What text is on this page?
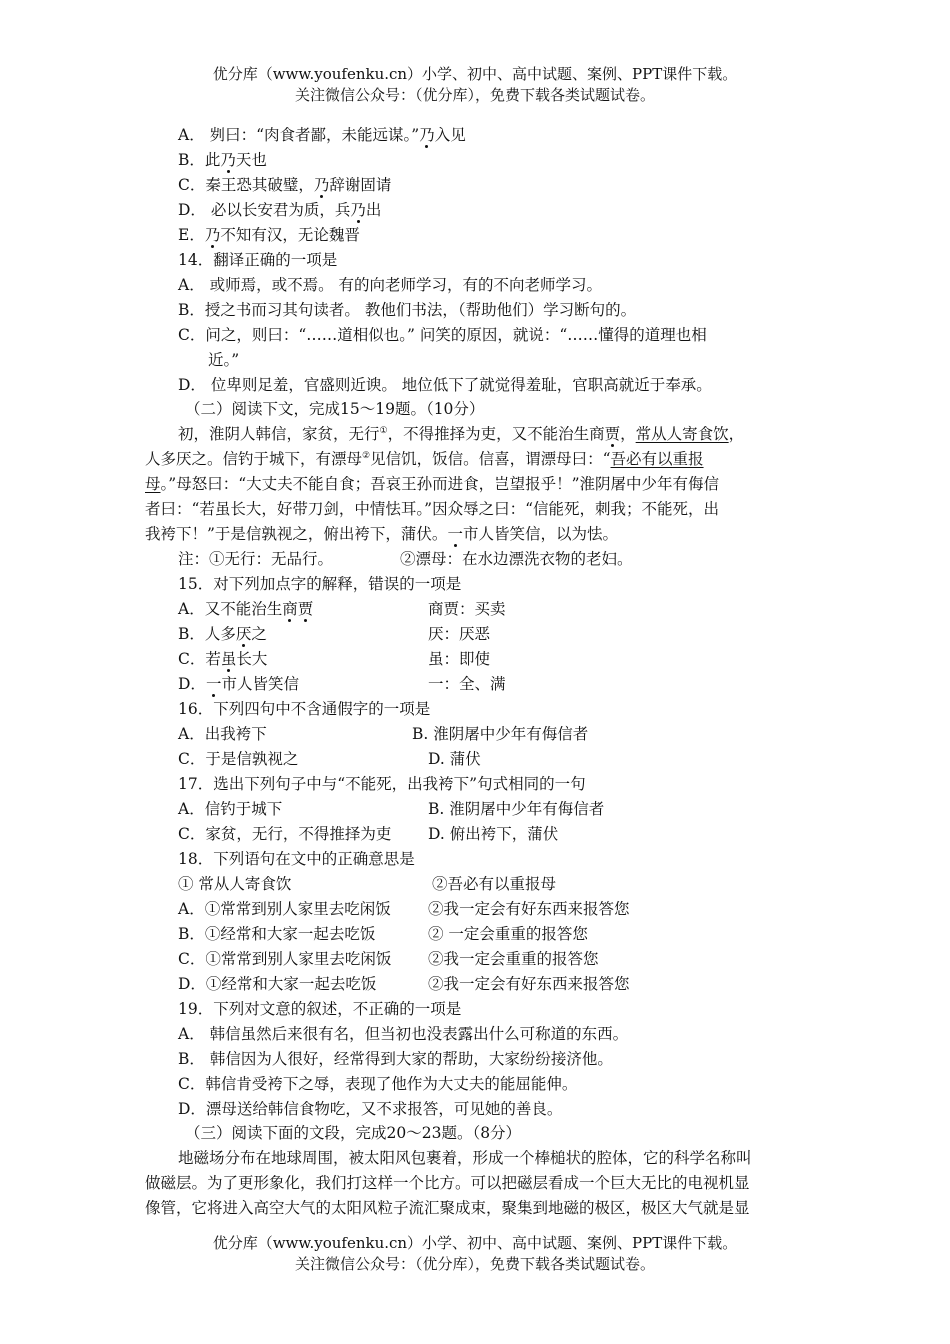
优分库（www.youfenku.cn）小学、初中、高中试题、案例、PPT课件下载。
关注微信公众号：（优分库），免费下载各类试题试卷。
A． 刿曰：“肉食者鄙，未能远谋。”乃入见
B．此乃天也
C．秦王恐其破璧，乃辞谢固请
D． 必以长安君为质，兵乃出
E．乃不知有汉，无论魏晋
14．翻译正确的一项是
A． 或师焉，或不焉。 有的向老师学习，有的不向老师学习。
B．授之书而习其句读者。 教他们书法，（帮助他们）学习断句的。
C．问之，则曰：“……道相似也。” 问笑的原因，就说：“……懂得的道理也相
近。”
D． 位卑则足羞，官盛则近谀。 地位低下了就觉得羞耻，官职高就近于奉承。
（二）阅读下文，完成15～19题。（10分）
初，淮阴人韩信，家贫，无行①，不得推择为吏，又不能治生商贾，常从人寄食饮，
人多厌之。信钓于城下，有漂母②见信饥，饭信。信喜，谓漂母曰：“吾必有以重报
母。”母怒曰：“大丈夫不能自食；吾哀王孙而进食，岂望报乎！”淮阴屠中少年有侮信
者曰：“若虽长大，好带刀剑，中情怯耳。”因众辱之曰：“信能死，刺我；不能死，出
我袴下！”于是信孰视之，俯出袴下，蒲伏。一市人皆笑信，以为怯。
注：①无行：无品行。	②漂母：在水边漂洗衣物的老妇。
15．对下列加点字的解释，错误的一项是
A．又不能治生商贾	商贾：买卖
B．人多厌之	厌：厌恶
C．若虽长大	虽：即使
D．一市人皆笑信	一：全、满
16．下列四句中不含通假字的一项是
A．出我袴下	B. 淮阴屠中少年有侮信者
C．于是信孰视之	D. 蒲伏
17．选出下列句子中与“不能死，出我袴下”句式相同的一句
A．信钓于城下	B. 淮阴屠中少年有侮信者
C．家贫，无行，不得推择为吏 D. 俯出袴下，蒲伏
18．下列语句在文中的正确意思是
① 常从人寄食饮	②吾必有以重报母
A．①常常到别人家里去吃闲饭 ②我一定会有好东西来报答您
B．①经常和大家一起去吃饭	② 一定会重重的报答您
C．①常常到别人家里去吃闲饭 ②我一定会重重的报答您
D．①经常和大家一起去吃饭	②我一定会有好东西来报答您
19．下列对文意的叙述，不正确的一项是
A． 韩信虽然后来很有名，但当初也没表露出什么可称道的东西。
B． 韩信因为人很好，经常得到大家的帮助，大家纷纷接济他。
C．韩信肯受袴下之辱，表现了他作为大丈夫的能屈能伸。
D．漂母送给韩信食物吃，又不求报答，可见她的善良。
（三）阅读下面的文段，完成20～23题。（8分）
地磁场分布在地球周围，被太阳风包裹着，形成一个棒槌状的腔体，它的科学名称叫
做磁层。为了更形象化，我们打这样一个比方。可以把磁层看成一个巨大无比的电视机显
像管，它将进入高空大气的太阳风粒子流汇聚成束，聚集到地磁的极区，极区大气就是显
优分库（www.youfenku.cn）小学、初中、高中试题、案例、PPT课件下载。
关注微信公众号：（优分库），免费下载各类试题试卷。
